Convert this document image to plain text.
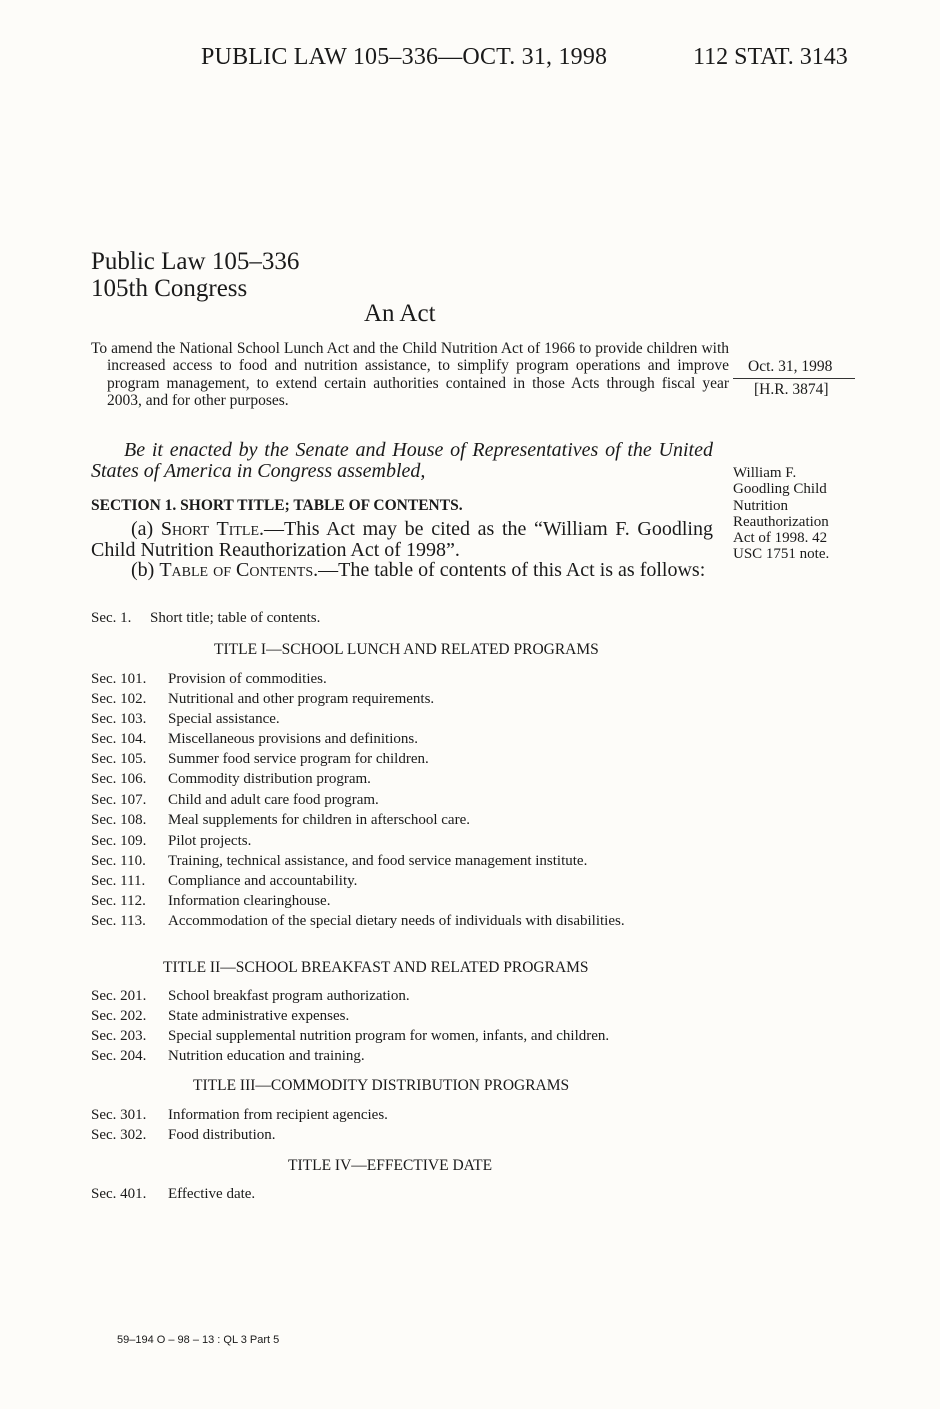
PUBLIC LAW 105–336—OCT. 31, 1998	112 STAT. 3143
Public Law 105–336
105th Congress
An Act
To amend the National School Lunch Act and the Child Nutrition Act of 1966 to provide children with increased access to food and nutrition assistance, to simplify program operations and improve program management, to extend certain authorities contained in those Acts through fiscal year 2003, and for other purposes.
Oct. 31, 1998
[H.R. 3874]
Be it enacted by the Senate and House of Representatives of the United States of America in Congress assembled,	William F. Goodling Child Nutrition Reauthorization Act of 1998. 42 USC 1751 note.
SECTION 1. SHORT TITLE; TABLE OF CONTENTS.
(a) Short Title.—This Act may be cited as the “William F. Goodling Child Nutrition Reauthorization Act of 1998”.
(b) Table of Contents.—The table of contents of this Act is as follows:
Sec. 1. Short title; table of contents.
TITLE I—SCHOOL LUNCH AND RELATED PROGRAMS
TITLE II—SCHOOL BREAKFAST AND RELATED PROGRAMS
TITLE III—COMMODITY DISTRIBUTION PROGRAMS
TITLE IV—EFFECTIVE DATE
59–194 O – 98 – 13 : QL 3 Part 5
Sec. 101. Provision of commodities.
Sec. 102. Nutritional and other program requirements.
Sec. 103. Special assistance.
Sec. 104. Miscellaneous provisions and definitions.
Sec. 105. Summer food service program for children.
Sec. 106. Commodity distribution program.
Sec. 107. Child and adult care food program.
Sec. 108. Meal supplements for children in afterschool care.
Sec. 109. Pilot projects.
Sec. 110. Training, technical assistance, and food service management institute.
Sec. 111. Compliance and accountability.
Sec. 112. Information clearinghouse.
Sec. 113. Accommodation of the special dietary needs of individuals with disabilities.
Sec. 201. School breakfast program authorization.
Sec. 202. State administrative expenses.
Sec. 203. Special supplemental nutrition program for women, infants, and children.
Sec. 204. Nutrition education and training.
Sec. 301. Information from recipient agencies.
Sec. 302. Food distribution.
Sec. 401. Effective date.
